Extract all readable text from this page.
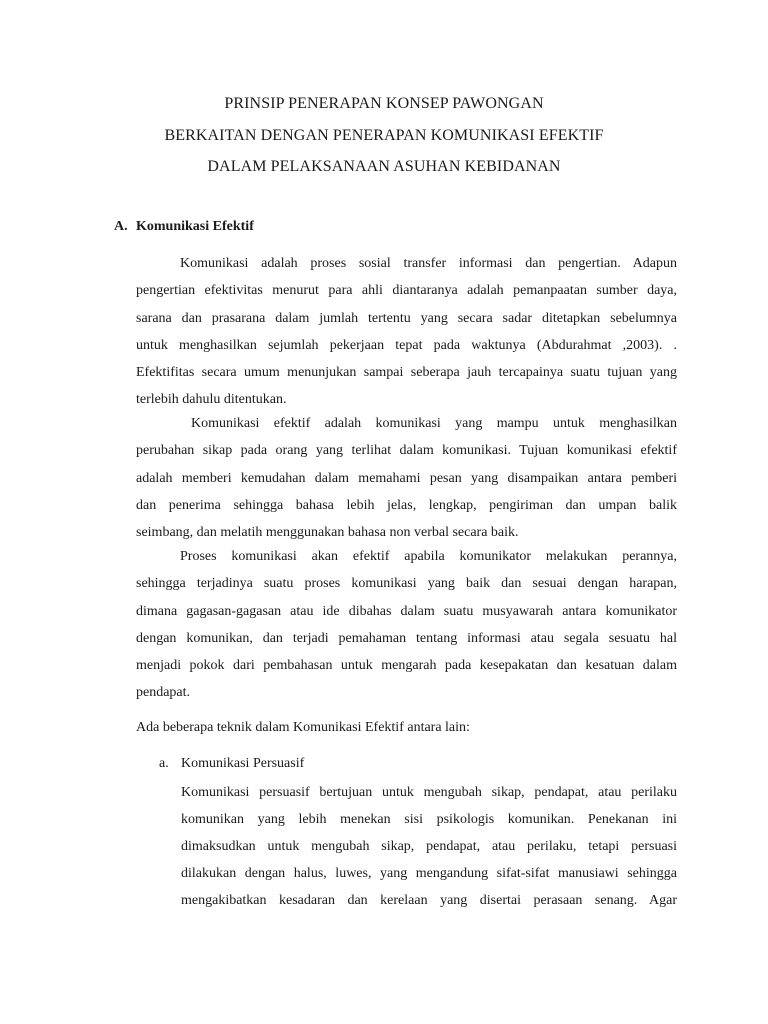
PRINSIP PENERAPAN KONSEP PAWONGAN
BERKAITAN DENGAN PENERAPAN KOMUNIKASI EFEKTIF
DALAM PELAKSANAAN ASUHAN KEBIDANAN
A. Komunikasi Efektif
Komunikasi adalah proses sosial transfer informasi dan pengertian. Adapun
pengertian efektivitas menurut para ahli diantaranya adalah pemanpaatan sumber daya,
sarana dan prasarana dalam jumlah tertentu yang secara sadar ditetapkan sebelumnya
untuk menghasilkan sejumlah pekerjaan tepat pada waktunya (Abdurahmat ,2003). .
Efektifitas secara umum menunjukan sampai seberapa jauh tercapainya suatu tujuan yang
terlebih dahulu ditentukan.
Komunikasi efektif adalah komunikasi yang mampu untuk menghasilkan
perubahan sikap pada orang yang terlihat dalam komunikasi. Tujuan komunikasi efektif
adalah memberi kemudahan dalam memahami pesan yang disampaikan antara pemberi
dan penerima sehingga bahasa lebih jelas, lengkap, pengiriman dan umpan balik
seimbang, dan melatih menggunakan bahasa non verbal secara baik.
Proses komunikasi akan efektif apabila komunikator melakukan perannya,
sehingga terjadinya suatu proses komunikasi yang baik dan sesuai dengan harapan,
dimana gagasan-gagasan atau ide dibahas dalam suatu musyawarah antara komunikator
dengan komunikan, dan terjadi pemahaman tentang informasi atau segala sesuatu hal
menjadi pokok dari pembahasan untuk mengarah pada kesepakatan dan kesatuan dalam
pendapat.
Ada beberapa teknik dalam Komunikasi Efektif antara lain:
a. Komunikasi Persuasif
Komunikasi persuasif bertujuan untuk mengubah sikap, pendapat, atau perilaku
komunikan yang lebih menekan sisi psikologis komunikan. Penekanan ini
dimaksudkan untuk mengubah sikap, pendapat, atau perilaku, tetapi persuasi
dilakukan dengan halus, luwes, yang mengandung sifat-sifat manusiawi sehingga
mengakibatkan kesadaran dan kerelaan yang disertai perasaan senang. Agar
